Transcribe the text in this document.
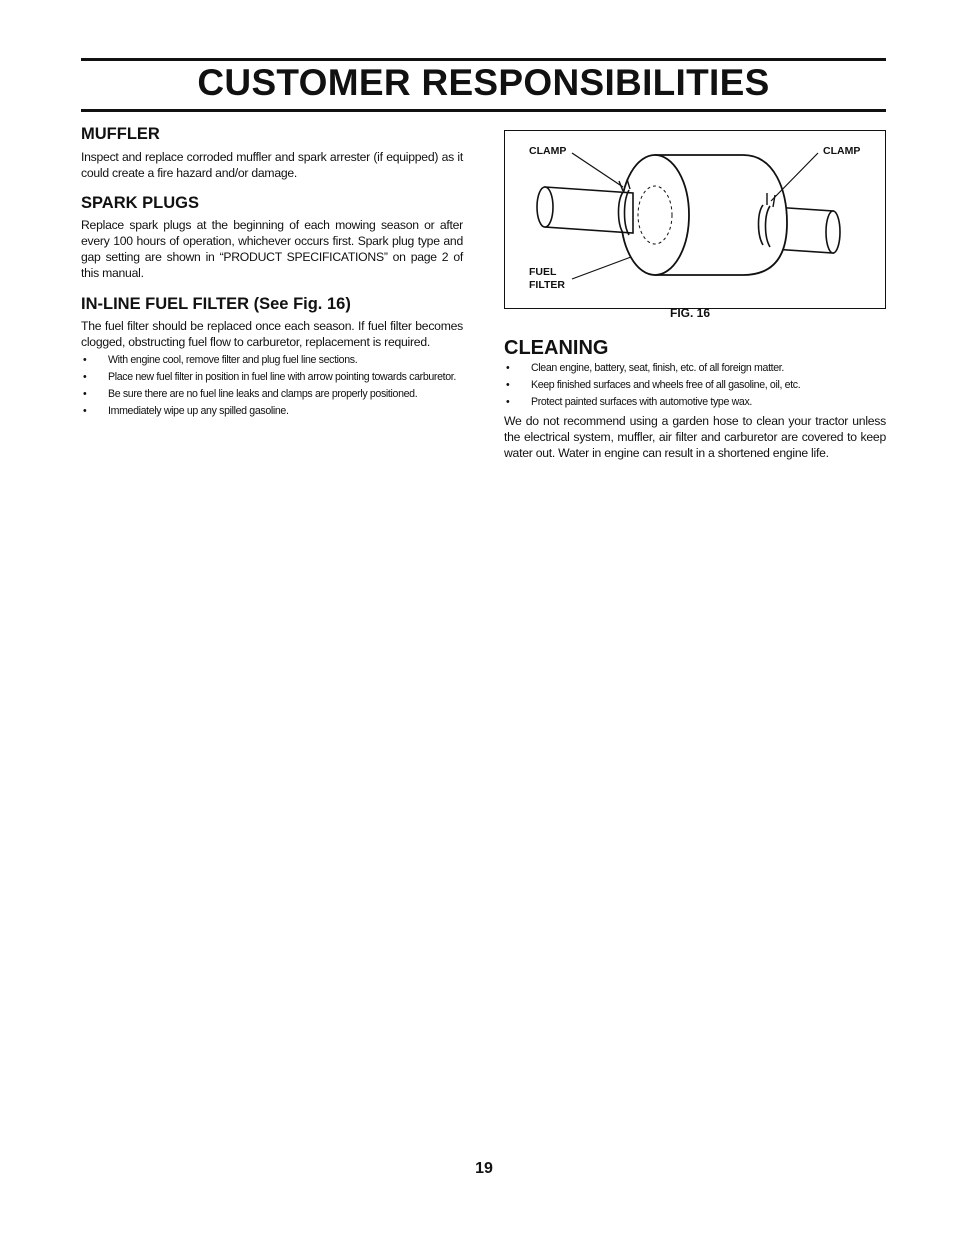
CUSTOMER RESPONSIBILITIES
MUFFLER

Inspect and replace corroded muffler and spark arrester (if equipped) as it could create a fire hazard and/or damage.

SPARK PLUGS

Replace spark plugs at the beginning of each mowing season or after every 100 hours of operation, whichever occurs first. Spark plug type and gap setting are shown in “PRODUCT SPECIFICATIONS” on page 2 of this manual.

IN-LINE FUEL FILTER (See Fig. 16)

The fuel filter should be replaced once each season. If fuel filter becomes clogged, obstructing fuel flow to carburetor, replacement is required.

• With engine cool, remove filter and plug fuel line sections.
• Place new fuel filter in position in fuel line with arrow pointing towards carburetor.
• Be sure there are no fuel line leaks and clamps are properly positioned.
• Immediately wipe up any spilled gasoline.
CLAMP	CLAMP
FUEL
FILTER
FIG. 16
CLEANING
• Clean engine, battery, seat, finish, etc. of all foreign matter.
• Keep finished surfaces and wheels free of all gasoline, oil, etc.
• Protect painted surfaces with automotive type wax.

We do not recommend using a garden hose to clean your tractor unless the electrical system, muffler, air filter and carburetor are covered to keep water out. Water in engine can result in a shortened engine life.

19
